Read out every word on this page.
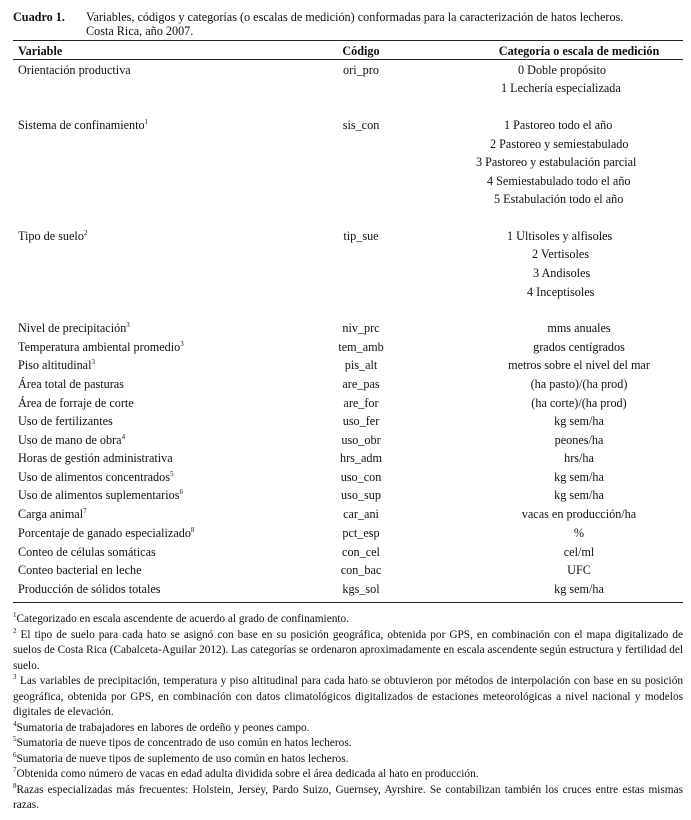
Cuadro 1. Variables, códigos y categorías (o escalas de medición) conformadas para la caracterización de hatos lecheros.
Costa Rica, año 2007.
Variable	Código	Categoría o escala de medición
Orientación productiva	ori_pro	0 Doble propósito
1 Lechería especializada
Sistema de confinamiento$^1$	sis_con	1 Pastoreo todo el año
2 Pastoreo y semiestabulado
3 Pastoreo y estabulación parcial
4 Semiestabulado todo el año
5 Estabulación todo el año
Tipo de suelo$^2$	tip_sue	1 Ultisoles y alfisoles
2 Vertisoles
3 Andisoles
4 Inceptisoles
Nivel de precipitación$^3$	niv_prc	mms anuales
Temperatura ambiental promedio$^3$	tem_amb	grados centígrados
Piso altitudinal$^3$	pis_alt	metros sobre el nivel del mar
Área total de pasturas	are_pas	(ha pasto)/(ha prod)
Área de forraje de corte	are_for	(ha corte)/(ha prod)
Uso de fertilizantes	uso_fer	kg sem/ha
Uso de mano de obra$^4$	uso_obr	peones/ha
Horas de gestión administrativa	hrs_adm	hrs/ha
Uso de alimentos concentrados$^5$	uso_con	kg sem/ha
Uso de alimentos suplementarios$^6$	uso_sup	kg sem/ha
Carga animal$^7$	car_ani	vacas en producción/ha
Porcentaje de ganado especializado$^8$	pct_esp	%
Conteo de células somáticas	con_cel	cel/ml
Conteo bacterial en leche	con_bac	UFC
Producción de sólidos totales	kgs_sol	kg sem/ha

$^1$Categorizado en escala ascendente de acuerdo al grado de confinamiento.

$^2$ El tipo de suelo para cada hato se asignó con base en su posición geográfica, obtenida por GPS, en combinación con el mapa digitalizado de suelos de Costa Rica (Cabalceta-Aguilar 2012). Las categorías se ordenaron aproximadamente en escala ascendente según estructura y fertilidad del suelo.

$^3$ Las variables de precipitación, temperatura y piso altitudinal para cada hato se obtuvieron por métodos de interpolación con base en su posición geográfica, obtenida por GPS, en combinación con datos climatológicos digitalizados de estaciones meteorológicas a nivel nacional y modelos digitales de elevación.

$^4$Sumatoria de trabajadores en labores de ordeño y peones campo.

$^5$Sumatoria de nueve tipos de concentrado de uso común en hatos lecheros.

$^6$Sumatoria de nueve tipos de suplemento de uso común en hatos lecheros.

$^7$Obtenida como número de vacas en edad adulta dividida sobre el área dedicada al hato en producción.

$^8$Razas especializadas más frecuentes: Holstein, Jersey, Pardo Suizo, Guernsey, Ayrshire. Se contabilizan también los cruces entre estas mismas razas.
